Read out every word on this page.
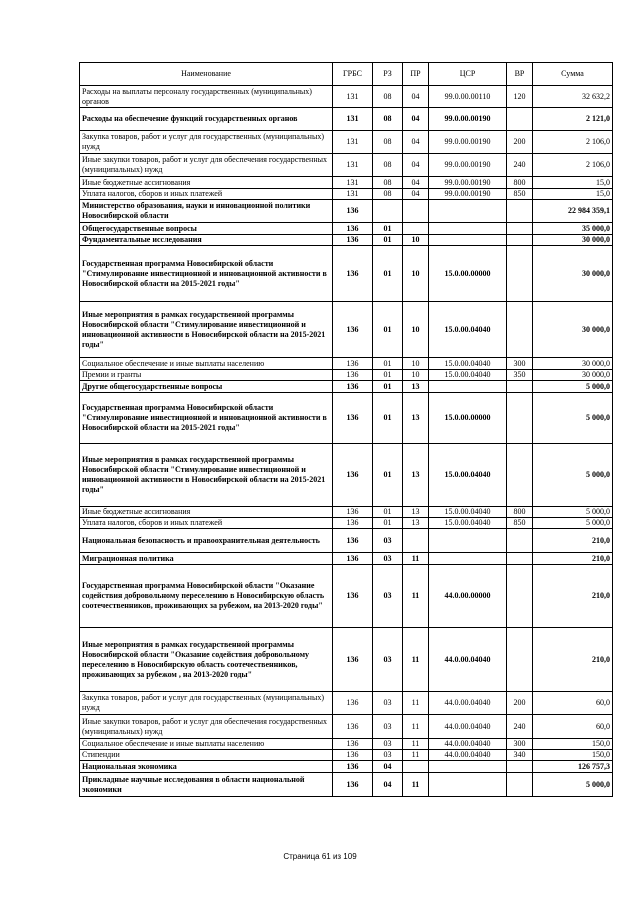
Наименование	ГРБС	РЗ	ПР	ЦСР	ВР	Сумма
Расходы на выплаты персоналу государственных (муниципальных) органов	131	08	04	99.0.00.00110	120	32 632,2
Расходы на обеспечение функций государственных органов	131	08	04	99.0.00.00190		2 121,0
Закупка товаров, работ и услуг для государственных (муниципальных) нужд	131	08	04	99.0.00.00190	200	2 106,0
Иные закупки товаров, работ и услуг для обеспечения государственных (муниципальных) нужд	131	08	04	99.0.00.00190	240	2 106,0
Иные бюджетные ассигнования	131	08	04	99.0.00.00190	800	15,0
Уплата налогов, сборов и иных платежей	131	08	04	99.0.00.00190	850	15,0
Министерство образования, науки и инновационной политики Новосибирской области	136					22 984 359,1
Общегосударственные вопросы	136	01				35 000,0
Фундаментальные исследования	136	01	10			30 000,0
Государственная программа Новосибирской области "Стимулирование инвестиционной и инновационной активности в Новосибирской области на 2015-2021 годы"	136	01	10	15.0.00.00000		30 000,0
Иные мероприятия в рамках государственной программы Новосибирской области "Стимулирование инвестиционной и инновационной активности в Новосибирской области на 2015-2021 годы"	136	01	10	15.0.00.04040		30 000,0
Социальное обеспечение и иные выплаты населению	136	01	10	15.0.00.04040	300	30 000,0
Премии и гранты	136	01	10	15.0.00.04040	350	30 000,0
Другие общегосударственные вопросы	136	01	13			5 000,0
Государственная программа Новосибирской области "Стимулирование инвестиционной и инновационной активности в Новосибирской области на 2015-2021 годы"	136	01	13	15.0.00.00000		5 000,0
Иные мероприятия в рамках государственной программы Новосибирской области "Стимулирование инвестиционной и инновационной активности в Новосибирской области на 2015-2021 годы"	136	01	13	15.0.00.04040		5 000,0
Иные бюджетные ассигнования	136	01	13	15.0.00.04040	800	5 000,0
Уплата налогов, сборов и иных платежей	136	01	13	15.0.00.04040	850	5 000,0
Национальная безопасность и правоохранительная деятельность	136	03				210,0
Миграционная политика	136	03	11			210,0
Государственная программа Новосибирской области "Оказание содействия добровольному переселению в Новосибирскую область соотечественников, проживающих за рубежом, на 2013-2020 годы"	136	03	11	44.0.00.00000		210,0
Иные мероприятия в рамках государственной программы Новосибирской области "Оказание содействия добровольному переселению в Новосибирскую область соотечественников, проживающих за рубежом , на 2013-2020 годы"	136	03	11	44.0.00.04040		210,0
Закупка товаров, работ и услуг для государственных (муниципальных) нужд	136	03	11	44.0.00.04040	200	60,0
Иные закупки товаров, работ и услуг для обеспечения государственных (муниципальных) нужд	136	03	11	44.0.00.04040	240	60,0
Социальное обеспечение и иные выплаты населению	136	03	11	44.0.00.04040	300	150,0
Стипендии	136	03	11	44.0.00.04040	340	150,0
Национальная экономика	136	04				126 757,3
Прикладные научные исследования в области национальной экономики	136	04	11			5 000,0
Страница 61 из 109
